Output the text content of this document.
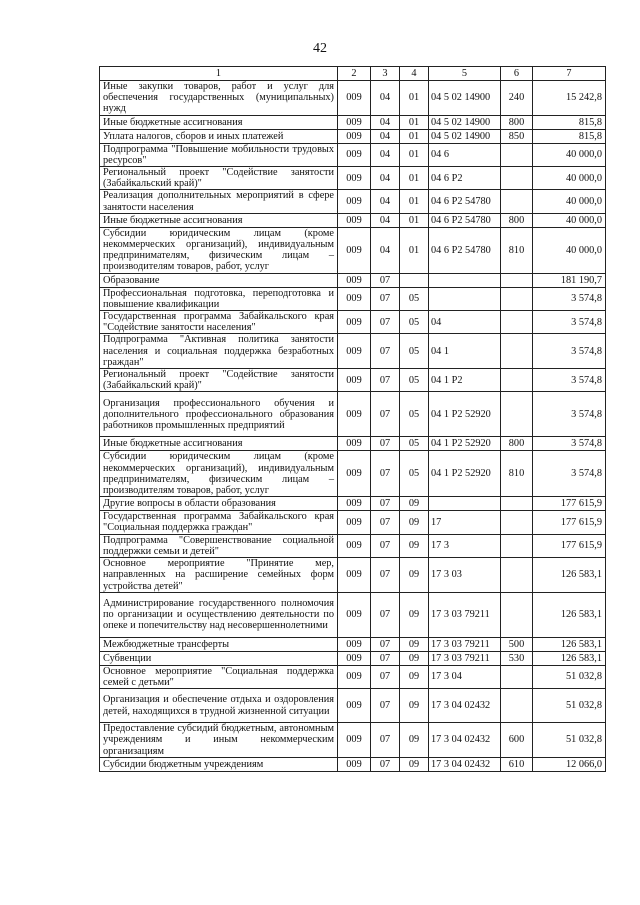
42
1	2	3	4	5	6	7
Иные закупки товаров, работ и услуг для обеспечения государственных (муниципальных) нужд	009	04	01	04 5 02 14900	240	15 242,8
Иные бюджетные ассигнования	009	04	01	04 5 02 14900	800	815,8
Уплата налогов, сборов и иных платежей	009	04	01	04 5 02 14900	850	815,8
Подпрограмма "Повышение мобильности трудовых ресурсов"	009	04	01	04 6		40 000,0
Региональный проект "Содействие занятости (Забайкальский край)"	009	04	01	04 6 P2		40 000,0
Реализация дополнительных мероприятий в сфере занятости населения	009	04	01	04 6 P2 54780		40 000,0
Иные бюджетные ассигнования	009	04	01	04 6 P2 54780	800	40 000,0
Субсидии юридическим лицам (кроме некоммерческих организаций), индивидуальным предпринимателям, физическим лицам – производителям товаров, работ, услуг	009	04	01	04 6 P2 54780	810	40 000,0
Образование	009	07				181 190,7
Профессиональная подготовка, переподготовка и повышение квалификации	009	07	05			3 574,8
Государственная программа Забайкальского края "Содействие занятости населения"	009	07	05	04		3 574,8
Подпрограмма "Активная политика занятости населения и социальная поддержка безработных граждан"	009	07	05	04 1		3 574,8
Региональный проект "Содействие занятости (Забайкальский край)"	009	07	05	04 1 P2		3 574,8
Организация профессионального обучения и дополнительного профессионального образования работников промышленных предприятий	009	07	05	04 1 P2 52920		3 574,8
Иные бюджетные ассигнования	009	07	05	04 1 P2 52920	800	3 574,8
Субсидии юридическим лицам (кроме некоммерческих организаций), индивидуальным предпринимателям, физическим лицам – производителям товаров, работ, услуг	009	07	05	04 1 P2 52920	810	3 574,8
Другие вопросы в области образования	009	07	09			177 615,9
Государственная программа Забайкальского края "Социальная поддержка граждан"	009	07	09	17		177 615,9
Подпрограмма "Совершенствование социальной поддержки семьи и детей"	009	07	09	17 3		177 615,9
Основное мероприятие "Принятие мер, направленных на расширение семейных форм устройства детей"	009	07	09	17 3 03		126 583,1
Администрирование государственного полномочия по организации и осуществлению деятельности по опеке и попечительству над несовершеннолетними	009	07	09	17 3 03 79211		126 583,1
Межбюджетные трансферты	009	07	09	17 3 03 79211	500	126 583,1
Субвенции	009	07	09	17 3 03 79211	530	126 583,1
Основное мероприятие "Социальная поддержка семей с детьми"	009	07	09	17 3 04		51 032,8
Организация и обеспечение отдыха и оздоровления детей, находящихся в трудной жизненной ситуации	009	07	09	17 3 04 02432		51 032,8
Предоставление субсидий бюджетным, автономным учреждениям и иным некоммерческим организациям	009	07	09	17 3 04 02432	600	51 032,8
Субсидии бюджетным учреждениям	009	07	09	17 3 04 02432	610	12 066,0
